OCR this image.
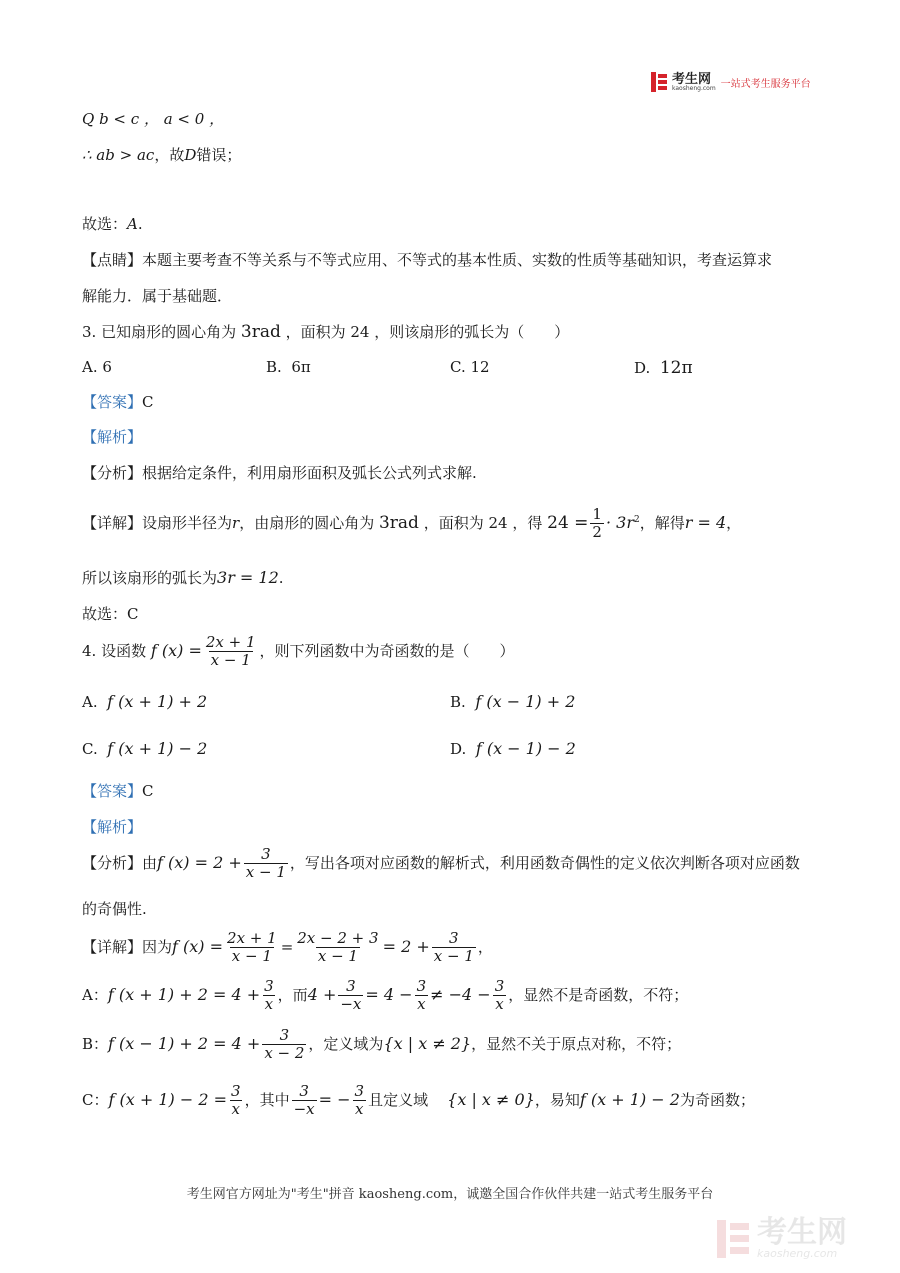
考生网
kaosheng.com 一站式考生服务平台
Q b < c ， a < 0 ，
∴ ab > ac，故D错误；
故选：A.
【点睛】本题主要考查不等关系与不等式应用、不等式的基本性质、实数的性质等基础知识，考查运算求
解能力．属于基础题．
3. 已知扇形的圆心角为 3rad ，面积为 24 ，则该扇形的弧长为（　　）
A. 6	B. 6π	C. 12	D. 12π
【答案】C
【解析】
【分析】根据给定条件，利用扇形面积及弧长公式列式求解.
【详解】设扇形半径为r，由扇形的圆心角为 3rad ，面积为 24 ，得 $24 = \frac{1}{2} \cdot 3r^2$，解得r = 4，
所以该扇形的弧长为3r = 12.
故选：C
4. 设函数 f $(x) = \frac{2x + 1}{x - 1}$ ，则下列函数中为奇函数的是（　　）
A. f (x + 1) + 2	B. f (x − 1) + 2
C. f (x + 1) − 2	D. f (x − 1) − 2
【答案】C
【解析】
【分析】由f $(x) = 2 + \frac{3}{x - 1}$ ，写出各项对应函数的解析式，利用函数奇偶性的定义依次判断各项对应函数
的奇偶性.
【详解】因为f $(x) = \frac{2x + 1}{x - 1} = \frac{2x - 2 + 3}{x - 1} = 2 + \frac{3}{x - 1}$ ，
A：f $(x + 1) + 2 = 4 + \frac{3}{x}$ ，而$4 + \frac{3}{-x} = 4 - \frac{3}{x} \ne -4 - \frac{3}{x}$ ，显然不是奇函数，不符；
B：f $(x - 1) + 2 = 4 + \frac{3}{x - 2}$ ，定义域为{x | x ≠ 2}，显然不关于原点对称，不符；
C：f $(x + 1) - 2 = \frac{3}{x}$ ，其中 $\frac{3}{-x}$ = − $\frac{3}{x}$ 且定义域 {x | x ≠ 0}，易知f (x + 1) − 2为奇函数；
考生网官方网址为"考生"拼音 kaosheng.com，诚邀全国合作伙伴共建一站式考生服务平台
考生网
kaosheng.com
